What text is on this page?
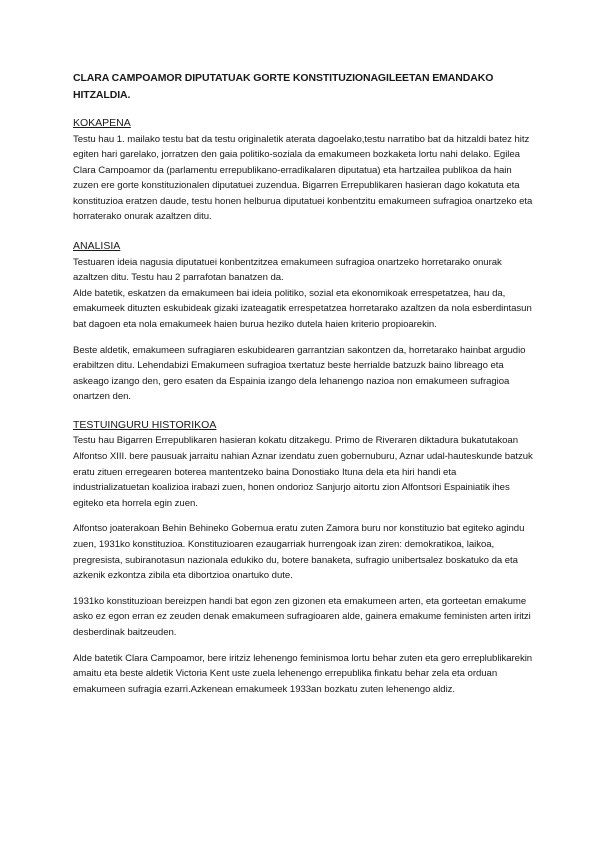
CLARA CAMPOAMOR DIPUTATUAK GORTE KONSTITUZIONAGILEETAN EMANDAKO HITZALDIA.
KOKAPENA

Testu hau 1. mailako testu bat da testu originaletik aterata dagoelako,testu narratibo bat da hitzaldi batez hitz egiten hari garelako, jorratzen den gaia politiko-soziala da emakumeen bozkaketa lortu nahi delako. Egilea Clara Campoamor da (parlamentu errepublikano-erradikalaren diputatua) eta hartzailea publikoa da hain zuzen ere gorte konstituzionalen diputatuei zuzendua. Bigarren Errepublikaren hasieran dago kokatuta eta konstituzioa eratzen daude, testu honen helburua diputatuei konbentzitu emakumeen sufragioa onartzeko eta horraterako onurak azaltzen ditu.

ANALISIA

Testuaren ideia nagusia diputatuei konbentzitzea emakumeen sufragioa onartzeko horretarako onurak azaltzen ditu. Testu hau 2 parrafotan banatzen da.

Alde batetik, eskatzen da emakumeen bai ideia politiko, sozial eta ekonomikoak errespetatzea, hau da, emakumeek dituzten eskubideak gizaki izateagatik errespetatzea horretarako azaltzen da nola esberdintasun bat dagoen eta nola emakumeek haien burua heziko dutela haien kriterio propioarekin.

Beste aldetik, emakumeen sufragiaren eskubidearen garrantzian sakontzen da, horretarako hainbat argudio erabiltzen ditu. Lehendabizi Emakumeen sufragioa txertatuz beste herrialde batzuzk baino libreago eta askeago izango den, gero esaten da Espainia izango dela lehanengo nazioa non emakumeen sufragioa onartzen den.

TESTUINGURU HISTORIKOA

Testu hau Bigarren Errepublikaren hasieran kokatu ditzakegu. Primo de Riveraren diktadura bukatutakoan Alfontso XIII. bere pausuak jarraitu nahian Aznar izendatu zuen gobernuburu, Aznar udal-hauteskunde batzuk eratu zituen erregearen boterea mantentzeko baina Donostiako Ituna dela eta hiri handi eta industrializatuetan koalizioa irabazi zuen, honen ondorioz Sanjurjo aitortu zion Alfontsori Espainiatik ihes egiteko eta horrela egin zuen.

Alfontso joaterakoan Behin Behineko Gobernua eratu zuten Zamora buru nor konstituzio bat egiteko agindu zuen, 1931ko konstituzioa. Konstituzioaren ezaugarriak hurrengoak izan ziren: demokratikoa, laikoa, pregresista, subiranotasun nazionala edukiko du, botere banaketa, sufragio unibertsalez boskatuko da eta azkenik ezkontza zibila eta dibortzioa onartuko dute.

1931ko konstituzioan bereizpen handi bat egon zen gizonen eta emakumeen arten, eta gorteetan emakume asko ez egon erran ez zeuden denak emakumeen sufragioaren alde, gainera emakume feministen arten iritzi desberdinak baitzeuden.

Alde batetik Clara Campoamor, bere iritziz lehenengo feminismoa lortu behar zuten eta gero erreplublikarekin amaitu eta beste aldetik Victoria Kent uste zuela lehenengo errepublika finkatu behar zela eta orduan emakumeen sufragia ezarri.Azkenean emakumeek 1933an bozkatu zuten lehenengo aldiz.
